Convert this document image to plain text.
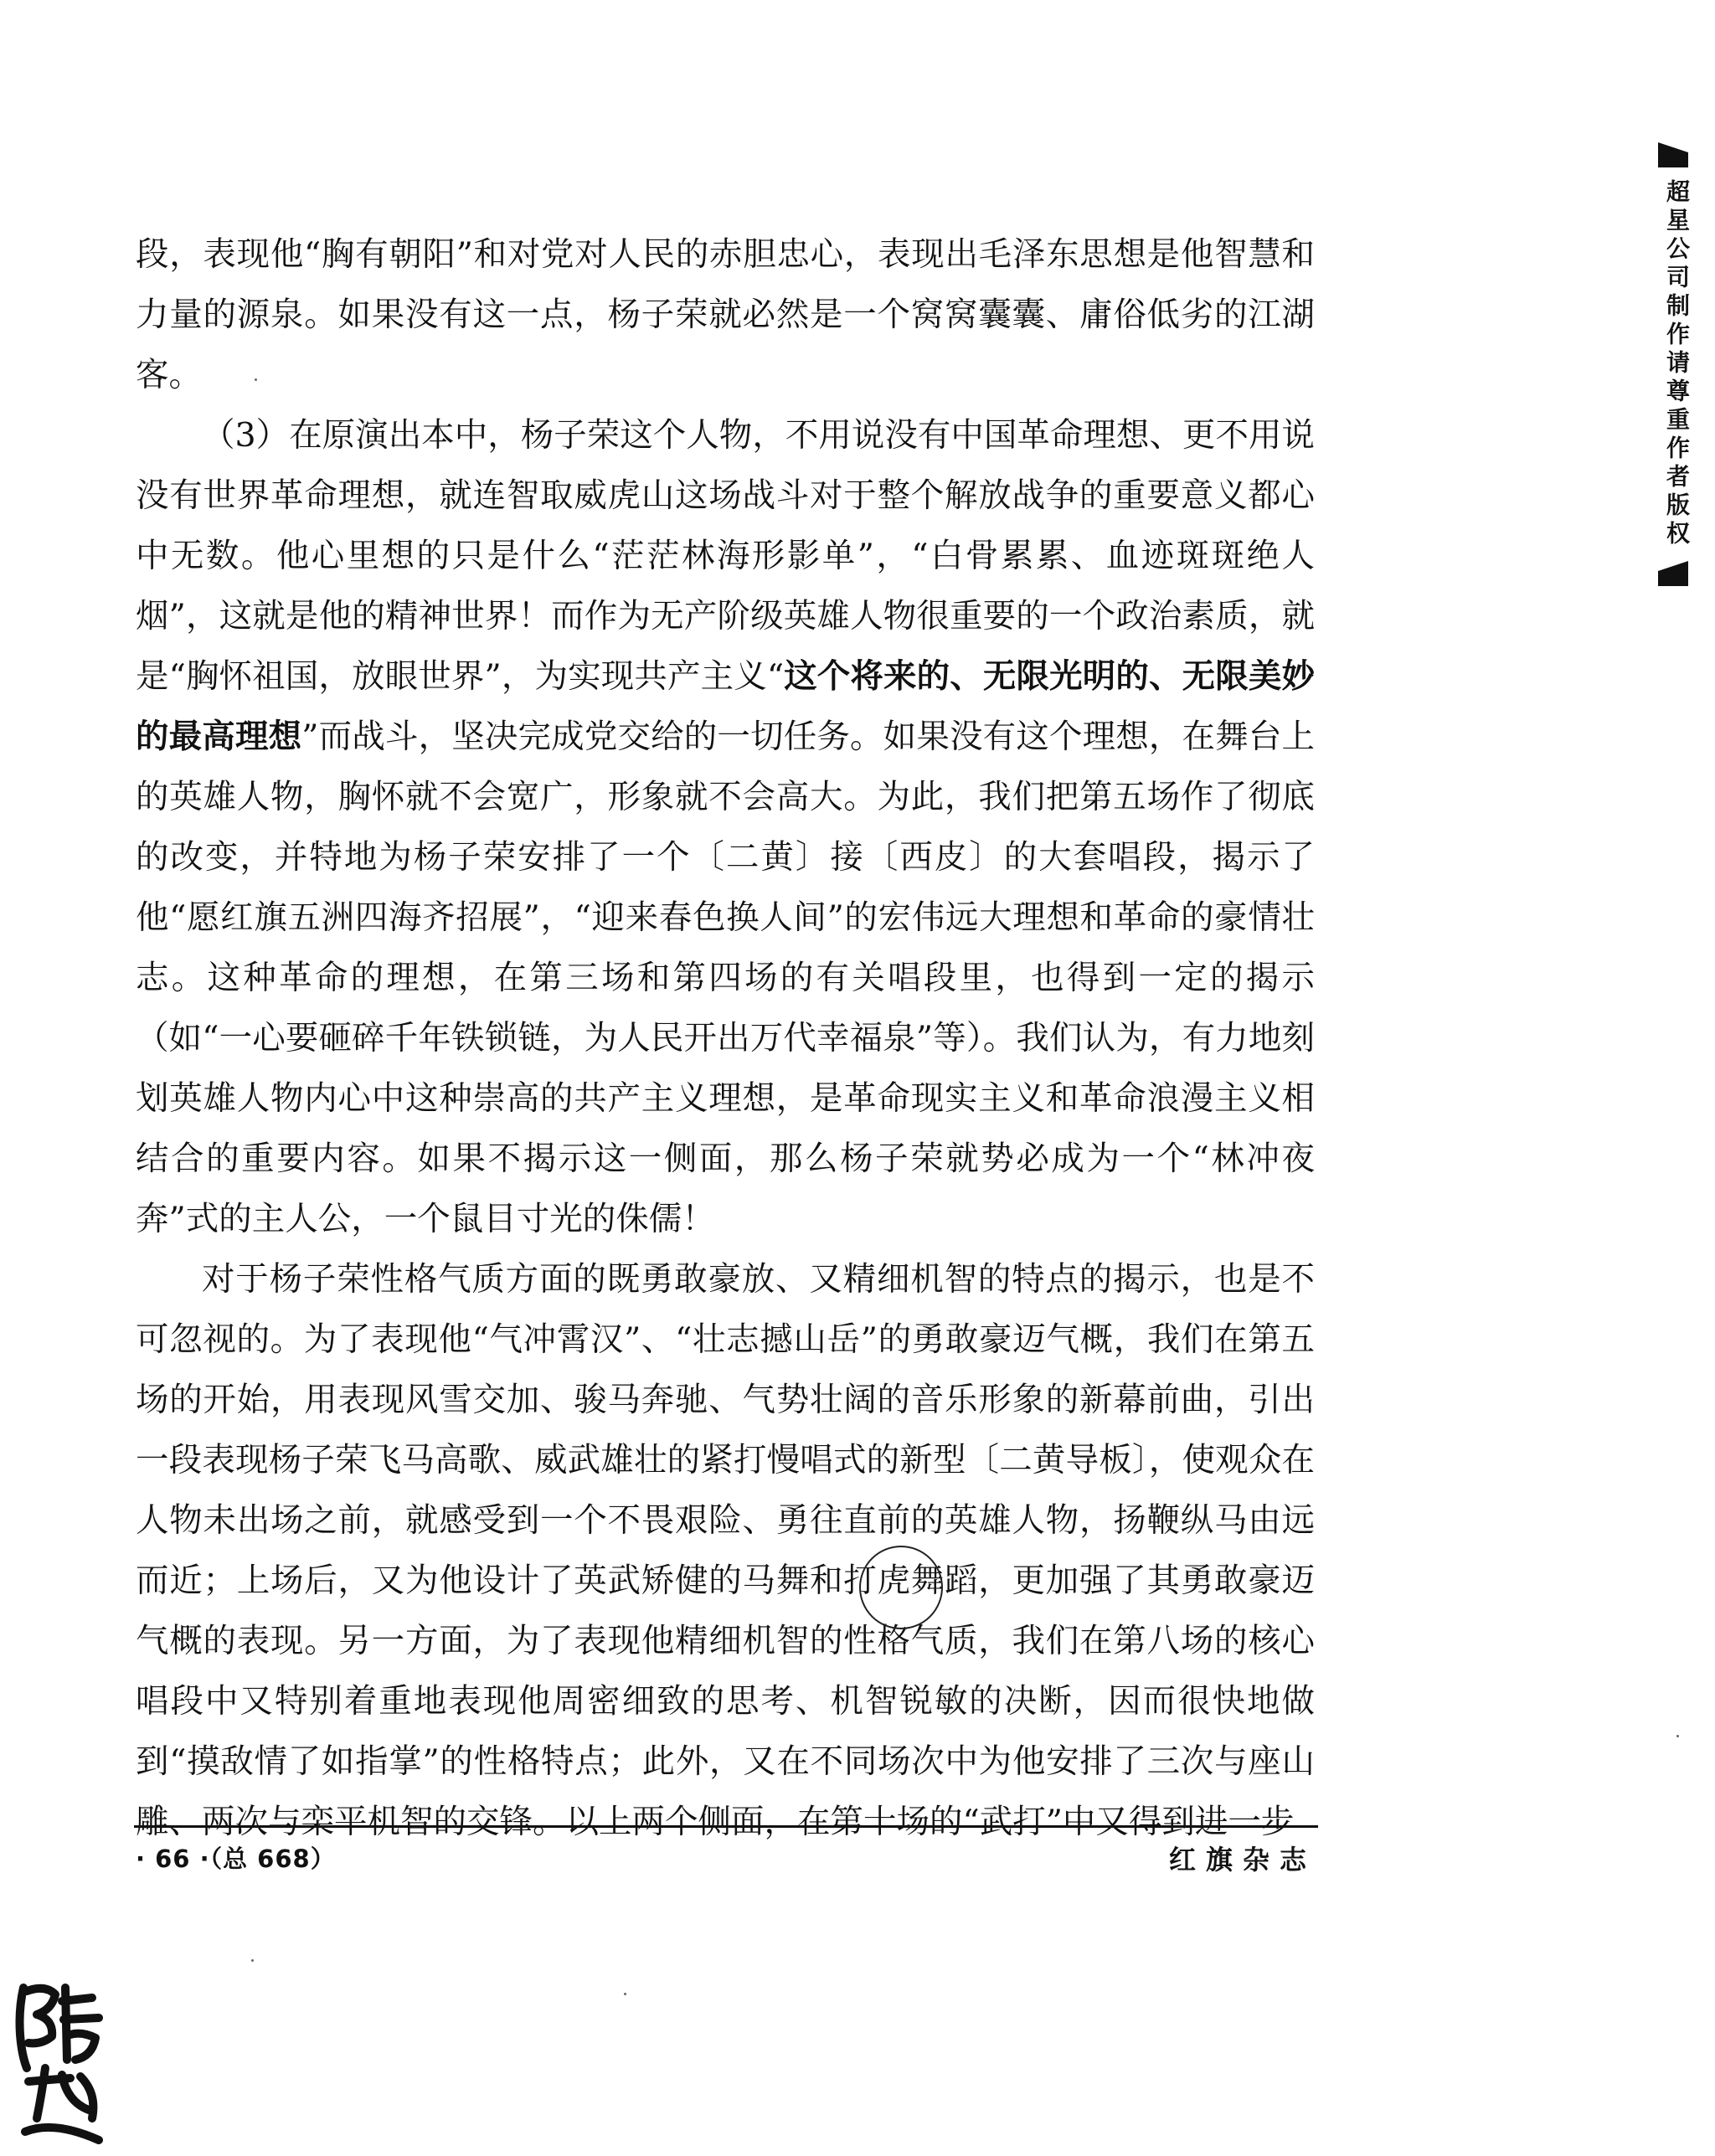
段，表现他“胸有朝阳”和对党对人民的赤胆忠心，表现出毛泽东思想是他智慧和力量的源泉。如果没有这一点，杨子荣就必然是一个窝窝囊囊、庸俗低劣的江湖客。

（3）在原演出本中，杨子荣这个人物，不用说没有中国革命理想、更不用说没有世界革命理想，就连智取威虎山这场战斗对于整个解放战争的重要意义都心中无数。他心里想的只是什么“茫茫林海形影单”，“白骨累累、血迹斑斑绝人烟”，这就是他的精神世界！而作为无产阶级英雄人物很重要的一个政治素质，就是“胸怀祖国，放眼世界”，为实现共产主义“这个将来的、无限光明的、无限美妙的最高理想”而战斗，坚决完成党交给的一切任务。如果没有这个理想，在舞台上的英雄人物，胸怀就不会宽广，形象就不会高大。为此，我们把第五场作了彻底的改变，并特地为杨子荣安排了一个〔二黄〕接〔西皮〕的大套唱段，揭示了他“愿红旗五洲四海齐招展”，“迎来春色换人间”的宏伟远大理想和革命的豪情壮志。这种革命的理想，在第三场和第四场的有关唱段里，也得到一定的揭示（如“一心要砸碎千年铁锁链，为人民开出万代幸福泉”等）。我们认为，有力地刻划英雄人物内心中这种崇高的共产主义理想，是革命现实主义和革命浪漫主义相结合的重要内容。如果不揭示这一侧面，那么杨子荣就势必成为一个“林冲夜奔”式的主人公，一个鼠目寸光的侏儒！

对于杨子荣性格气质方面的既勇敢豪放、又精细机智的特点的揭示，也是不可忽视的。为了表现他“气冲霄汉”、“壮志撼山岳”的勇敢豪迈气概，我们在第五场的开始，用表现风雪交加、骏马奔驰、气势壮阔的音乐形象的新幕前曲，引出一段表现杨子荣飞马高歌、威武雄壮的紧打慢唱式的新型〔二黄导板〕，使观众在人物未出场之前，就感受到一个不畏艰险、勇往直前的英雄人物，扬鞭纵马由远而近；上场后，又为他设计了英武矫健的马舞和打虎舞蹈，更加强了其勇敢豪迈气概的表现。另一方面，为了表现他精细机智的性格气质，我们在第八场的核心唱段中又特别着重地表现他周密细致的思考、机智锐敏的决断，因而很快地做到“摸敌情了如指掌”的性格特点；此外，又在不同场次中为他安排了三次与座山雕、两次与栾平机智的交锋。以上两个侧面，在第十场的“武打”中又得到进一步

· 66 ·（总 668）	红旗杂志
超星公司制作请尊重作者版权
